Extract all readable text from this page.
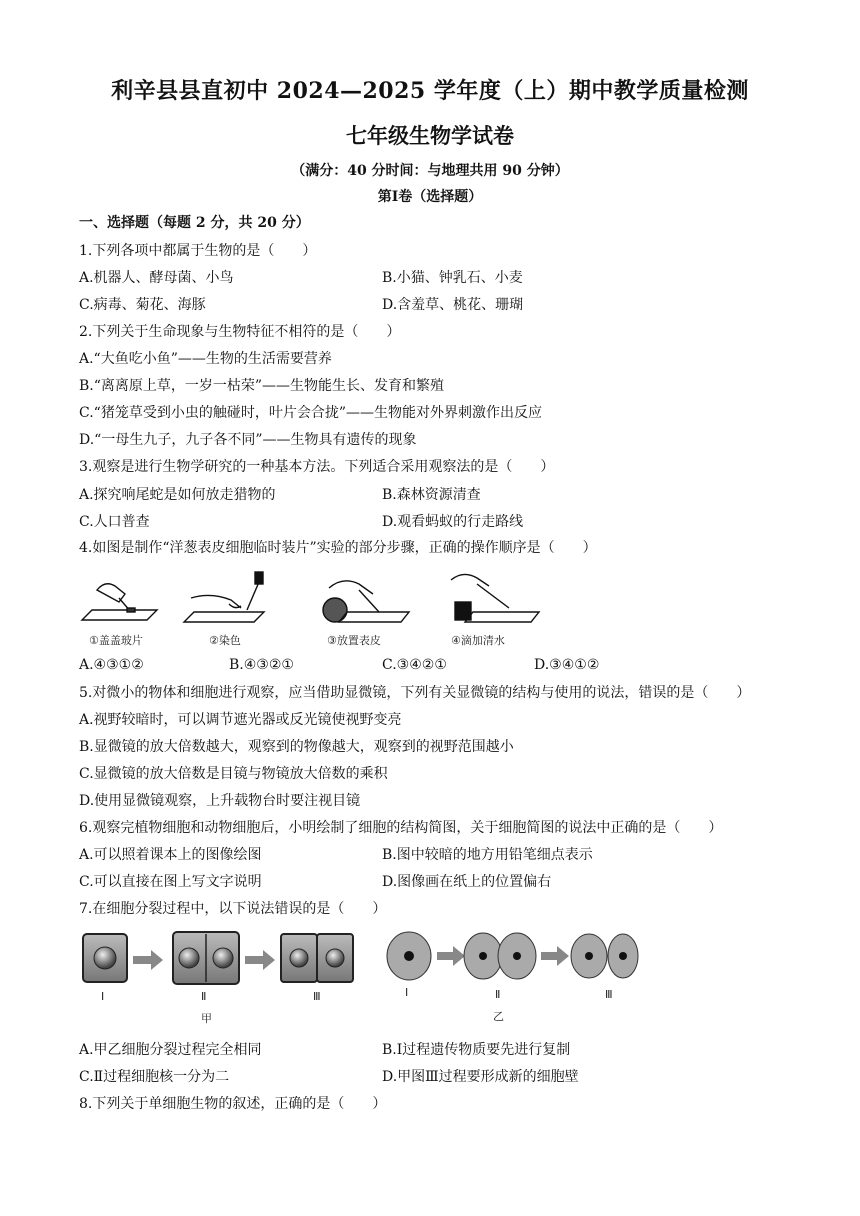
利辛县县直初中 2024—2025 学年度（上）期中教学质量检测
七年级生物学试卷
（满分：40 分时间：与地理共用 90 分钟）
第Ⅰ卷（选择题）
一、选择题（每题 2 分，共 20 分）
1.下列各项中都属于生物的是（　　）
A.机器人、酵母菌、小鸟	B.小猫、钟乳石、小麦
C.病毒、菊花、海豚	D.含羞草、桃花、珊瑚
2.下列关于生命现象与生物特征不相符的是（　　）
A.“大鱼吃小鱼”——生物的生活需要营养
B.“离离原上草，一岁一枯荣”——生物能生长、发育和繁殖
C.“猪笼草受到小虫的触碰时，叶片会合拢”——生物能对外界刺激作出反应
D.“一母生九子，九子各不同”——生物具有遗传的现象
3.观察是进行生物学研究的一种基本方法。下列适合采用观察法的是（　　）
A.探究响尾蛇是如何放走猎物的	B.森林资源清查
C.人口普查	D.观看蚂蚁的行走路线
4.如图是制作“洋葱表皮细胞临时装片”实验的部分步骤，正确的操作顺序是（　　）
①盖盖玻片	②染色	③放置表皮	④滴加清水
A.④③①②	B.④③②①	C.③④②①	D.③④①②
5.对微小的物体和细胞进行观察，应当借助显微镜，下列有关显微镜的结构与使用的说法，错误的是（　　）
A.视野较暗时，可以调节遮光器或反光镜使视野变亮
B.显微镜的放大倍数越大，观察到的物像越大，观察到的视野范围越小
C.显微镜的放大倍数是目镜与物镜放大倍数的乘积
D.使用显微镜观察，上升载物台时要注视目镜
6.观察完植物细胞和动物细胞后，小明绘制了细胞的结构简图，关于细胞简图的说法中正确的是（　　）
A.可以照着课本上的图像绘图	B.图中较暗的地方用铅笔细点表示
C.可以直接在图上写文字说明	D.图像画在纸上的位置偏右
7.在细胞分裂过程中，以下说法错误的是（　　）
Ⅰ	Ⅱ	Ⅲ
甲
Ⅰ	Ⅱ	Ⅲ
乙
A.甲乙细胞分裂过程完全相同	B.Ⅰ过程遗传物质要先进行复制
C.Ⅱ过程细胞核一分为二	D.甲图Ⅲ过程要形成新的细胞壁
8.下列关于单细胞生物的叙述，正确的是（　　）
